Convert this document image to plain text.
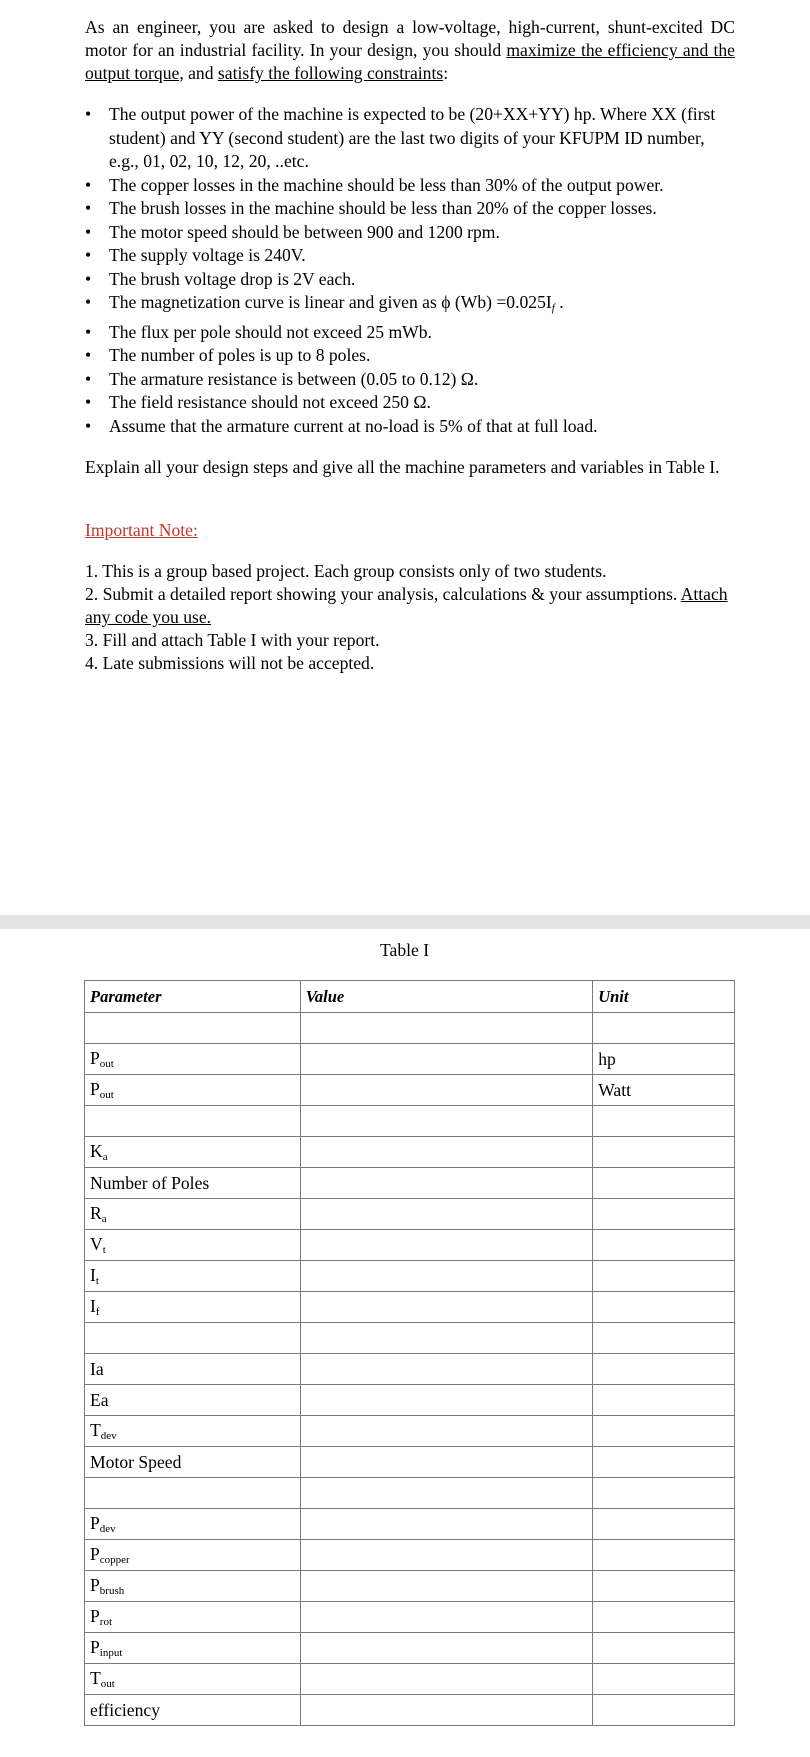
As an engineer, you are asked to design a low-voltage, high-current, shunt-excited DC motor for an industrial facility. In your design, you should maximize the efficiency and the output torque, and satisfy the following constraints:

•	The output power of the machine is expected to be (20+XX+YY) hp. Where XX (first student) and YY (second student) are the last two digits of your KFUPM ID number, e.g., 01, 02, 10, 12, 20, ..etc.
•	The copper losses in the machine should be less than 30% of the output power.
•	The brush losses in the machine should be less than 20% of the copper losses.
•	The motor speed should be between 900 and 1200 rpm.
•	The supply voltage is 240V.
•	The brush voltage drop is 2V each.
•	The magnetization curve is linear and given as ϕ $(Wb) =0.025I_f$ .
•	The flux per pole should not exceed 25 mWb.
•	The number of poles is up to 8 poles.
•	The armature resistance is between (0.05 to 0.12) Ω.
•	The field resistance should not exceed 250 Ω.
•	Assume that the armature current at no-load is 5% of that at full load.

Explain all your design steps and give all the machine parameters and variables in Table I.

Important Note:

1. This is a group based project. Each group consists only of two students.
2. Submit a detailed report showing your analysis, calculations & your assumptions. Attach any code you use.
3. Fill and attach Table I with your report.
4. Late submissions will not be accepted.
Table I
Parameter	Value	Unit

$P_{out}$		hp
$P_{out}$		Watt

$K_a$		
Number of Poles		
$R_a$		
$V_t$		
$I_t$		
$I_f$		

Ia		
Ea		
$T_{dev}$		
Motor Speed		

$P_{dev}$		
$P_{copper}$		
$P_{brush}$		
$P_{rot}$		
$P_{input}$		
$T_{out}$		
efficiency		
